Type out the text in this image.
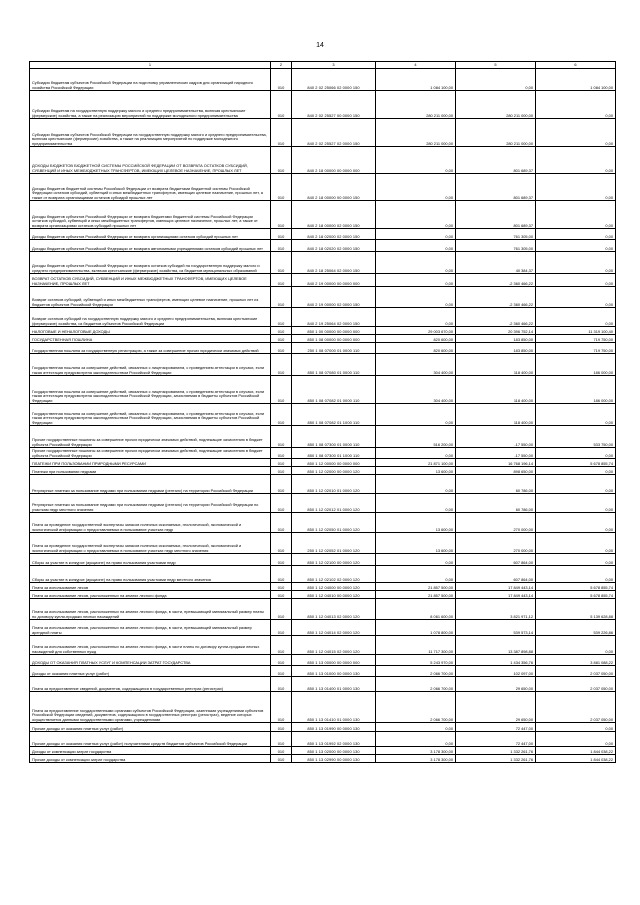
14
1	2	3	4	5	6
Субсидия бюджетам субъектов Российской Федерации на подготовку управленческих кадров для организаций народного хозяйства Российской Федерации	010	840 2 02 25066 02 0000 150	1 084 100,00	0,00	1 084 100,00
Субсидии бюджетам на государственную поддержку малого и среднего предпринимательства, включая крестьянские (фермерские) хозяйства, а также на реализацию мероприятий по поддержке молодежного предпринимательства	010	840 2 02 25527 00 0000 150	280 211 000,00	280 211 000,00	0,00
Субсидии бюджетам субъектов Российской Федерации на государственную поддержку малого и среднего предпринимательства, включая крестьянские (фермерские) хозяйства, а также на реализацию мероприятий по поддержке молодежного предпринимательства	010	840 2 02 25527 02 0000 150	280 211 000,00	280 211 000,00	0,00
ДОХОДЫ БЮДЖЕТОВ БЮДЖЕТНОЙ СИСТЕМЫ РОССИЙСКОЙ ФЕДЕРАЦИИ ОТ ВОЗВРАТА ОСТАТКОВ СУБСИДИЙ, СУБВЕНЦИЙ И ИНЫХ МЕЖБЮДЖЕТНЫХ ТРАНСФЕРТОВ, ИМЕЮЩИХ ЦЕЛЕВОЕ НАЗНАЧЕНИЕ, ПРОШЛЫХ ЛЕТ	010	840 2 18 00000 00 0000 000	0,00	801 689,37	0,00
Доходы бюджетов бюджетной системы Российской Федерации от возврата бюджетами бюджетной системы Российской Федерации остатков субсидий, субвенций и иных межбюджетных трансфертов, имеющих целевое назначение, прошлых лет, а также от возврата организациями остатков субсидий прошлых лет	010	840 2 18 00000 00 0000 150	0,00	801 689,37	0,00
Доходы бюджетов субъектов Российской Федерации от возврата бюджетами бюджетной системы Российской Федерации остатков субсидий, субвенций и иных межбюджетных трансфертов, имеющих целевое назначение, прошлых лет, а также от возврата организациями остатков субсидий прошлых лет	010	840 2 18 00000 02 0000 150	0,00	801 689,37	0,00
Доходы бюджетов субъектов Российской Федерации от возврата организациями остатков субсидий прошлых лет	010	840 2 18 02000 02 0000 150	0,00	761 305,00	0,00
Доходы бюджетов субъектов Российской Федерации от возврата автономными учреждениями остатков субсидий прошлых лет	010	840 2 18 02020 02 0000 150	0,00	761 305,00	0,00
Доходы бюджетов субъектов Российской Федерации от возврата остатков субсидий на государственную поддержку малого и среднего предпринимательства, включая крестьянские (фермерские) хозяйства, из бюджетов муниципальных образований	010	840 2 18 25064 02 0000 150	0,00	40 384,37	0,00
ВОЗВРАТ ОСТАТКОВ СУБСИДИЙ, СУБВЕНЦИЙ И ИНЫХ МЕЖБЮДЖЕТНЫХ ТРАНСФЕРТОВ, ИМЕЮЩИХ ЦЕЛЕВОЕ НАЗНАЧЕНИЕ, ПРОШЛЫХ ЛЕТ	010	840 2 19 00000 00 0000 000	0,00	-2 360 466,22	0,00
Возврат остатков субсидий, субвенций и иных межбюджетных трансфертов, имеющих целевое назначение, прошлых лет из бюджетов субъектов Российской Федерации	010	840 2 19 00000 02 0000 150	0,00	-2 360 466,22	0,00
Возврат остатков субсидий на государственную поддержку малого и среднего предпринимательства, включая крестьянские (фермерские) хозяйства, из бюджетов субъектов Российской Федерации	010	840 2 19 25064 02 0000 150	0,00	-2 360 466,22	0,00
НАЛОГОВЫЕ И НЕНАЛОГОВЫЕ ДОХОДЫ	010	850 1 00 00000 00 0000 000	29 003 670,00	20 396 752,14	11 319 100,40
ГОСУДАРСТВЕННАЯ ПОШЛИНА	010	850 1 08 00000 00 0000 000	820 600,00	183 850,00	719 750,00
Государственная пошлина за государственную регистрацию, а также за совершение прочих юридически значимых действий	010	250 1 08 07000 01 0000 110	820 600,00	183 850,00	719 750,00
Государственная пошлина за совершение действий, связанных с лицензированием, с проведением аттестации в случаях, если такая аттестация предусмотрена законодательством Российской Федерации	010	850 1 08 07080 01 0000 110	304 400,00	118 400,00	186 000,00
Государственная пошлина за совершение действий, связанных с лицензированием, с проведением аттестации в случаях, если такая аттестация предусмотрена законодательством Российской Федерации, зачисляемая в бюджеты субъектов Российской Федерации	010	850 1 08 07082 01 0000 110	304 400,00	118 400,00	186 000,00
Государственная пошлина за совершение действий, связанных с лицензированием, с проведением аттестации в случаях, если такая аттестация предусмотрена законодательством Российской Федерации, зачисляемая в бюджеты субъектов Российской Федерации	010	850 1 08 07082 01 1000 110	0,00	118 400,00	0,00
Прочие государственные пошлины за совершение прочих юридически значимых действий, подлежащие зачислению в бюджет субъекта Российской Федерации	010	850 1 08 07300 01 0000 110	516 200,00	-17 550,00	533 750,00
Прочие государственные пошлины за совершение прочих юридически значимых действий, подлежащие зачислению в бюджет субъекта Российской Федерации	010	850 1 08 07300 01 1000 110	0,00	-17 550,00	0,00
ПЛАТЕЖИ ПРИ ПОЛЬЗОВАНИИ ПРИРОДНЫМИ РЕСУРСАМИ	010	850 1 12 00000 00 0000 000	21 871 100,00	16 768 196,14	5 678 855,74
Платежи при пользовании недрами	010	850 1 12 02000 00 0000 120	13 600,00	898 650,00	0,00
Регулярные платежи за пользование недрами при пользовании недрами (ренталс) на территории Российской Федерации	010	850 1 12 02010 01 0000 120	0,00	60 786,00	0,00
Регулярные платежи за пользование недрами при пользовании недрами (ренталс) на территории Российской Федерации по участкам недр местного значения	010	850 1 12 02012 01 0000 120	0,00	60 786,00	0,00
Плата за проведение государственной экспертизы запасов полезных ископаемых, геологической, экономической и экологической информации о предоставляемых в пользование участках недр	010	850 1 12 02050 01 0000 120	13 600,00	270 000,00	0,00
Плата за проведение государственной экспертизы запасов полезных ископаемых, геологической, экономической и экологической информации о предоставляемых в пользование участках недр местного значения	010	250 1 12 02052 01 0000 120	13 600,00	270 000,00	0,00
Сборы за участие в конкурсе (аукционе) на право пользования участками недр	010	850 1 12 02100 00 0000 120	0,00	607 864,00	0,00
Сборы за участие в конкурсе (аукционе) на право пользования участками недр местного значения	010	850 1 12 02102 02 0000 120	0,00	607 864,00	0,00
Плата за использование лесов	010	850 1 12 04000 00 0000 120	21 857 500,00	17 849 443,14	5 678 855,74
Плата за использование лесов, расположенных на землях лесного фонда	010	850 1 12 04010 00 0000 120	21 857 500,00	17 849 443,14	5 678 855,74
Плата за использование лесов, расположенных на землях лесного фонда, в части, превышающей минимальный размер платы по договору купли-продажи лесных насаждений	010	850 1 12 04013 02 0000 120	8 061 600,00	3 821 971,12	5 139 628,88
Плата за использование лесов, расположенных на землях лесного фонда, в части, превышающей минимальный размер арендной платы	010	850 1 12 04014 02 0000 120	1 078 800,00	539 573,14	539 226,86
Плата за использование лесов, расположенных на землях лесного фонда, в части платы по договору купли-продажи лесных насаждений для собственных нужд	010	850 1 12 04015 02 0000 120	11 717 300,00	13 387 898,88	0,00
ДОХОДЫ ОТ ОКАЗАНИЯ ПЛАТНЫХ УСЛУГ И КОМПЕНСАЦИИ ЗАТРАТ ГОСУДАРСТВА	010	850 1 13 00000 00 0000 000	5 243 970,00	1 434 356,76	3 881 088,22
Доходы от оказания платных услуг (работ)	010	850 1 13 01000 00 0000 130	2 066 700,00	102 097,00	2 037 050,00
Плата за предоставление сведений, документов, содержащихся в государственных реестрах (регистрах)	010	850 1 13 01400 01 0000 130	2 066 700,00	29 650,00	2 037 050,00
Плата за предоставление государственными органами субъектов Российской Федерации, казенными учреждениями субъектов Российской Федерации сведений, документов, содержащихся в государственных реестрах (регистрах), ведение которых осуществляется данными государственными органами, учреждениями	010	850 1 13 01410 01 0000 130	2 066 700,00	29 650,00	2 037 050,00
Прочие доходы от оказания платных услуг (работ)	010	850 1 13 01990 00 0000 130	0,00	72 447,00	0,00
Прочие доходы от оказания платных услуг (работ) получателями средств бюджетов субъектов Российской Федерации	010	850 1 13 01992 02 0000 130	0,00	72 447,00	0,00
Доходы от компенсации затрат государства	010	850 1 13 02000 00 0000 130	3 178 300,00	1 332 261,76	1 844 038,22
Прочие доходы от компенсации затрат государства	010	850 1 13 02990 00 0000 130	3 178 300,00	1 332 261,76	1 844 038,22
